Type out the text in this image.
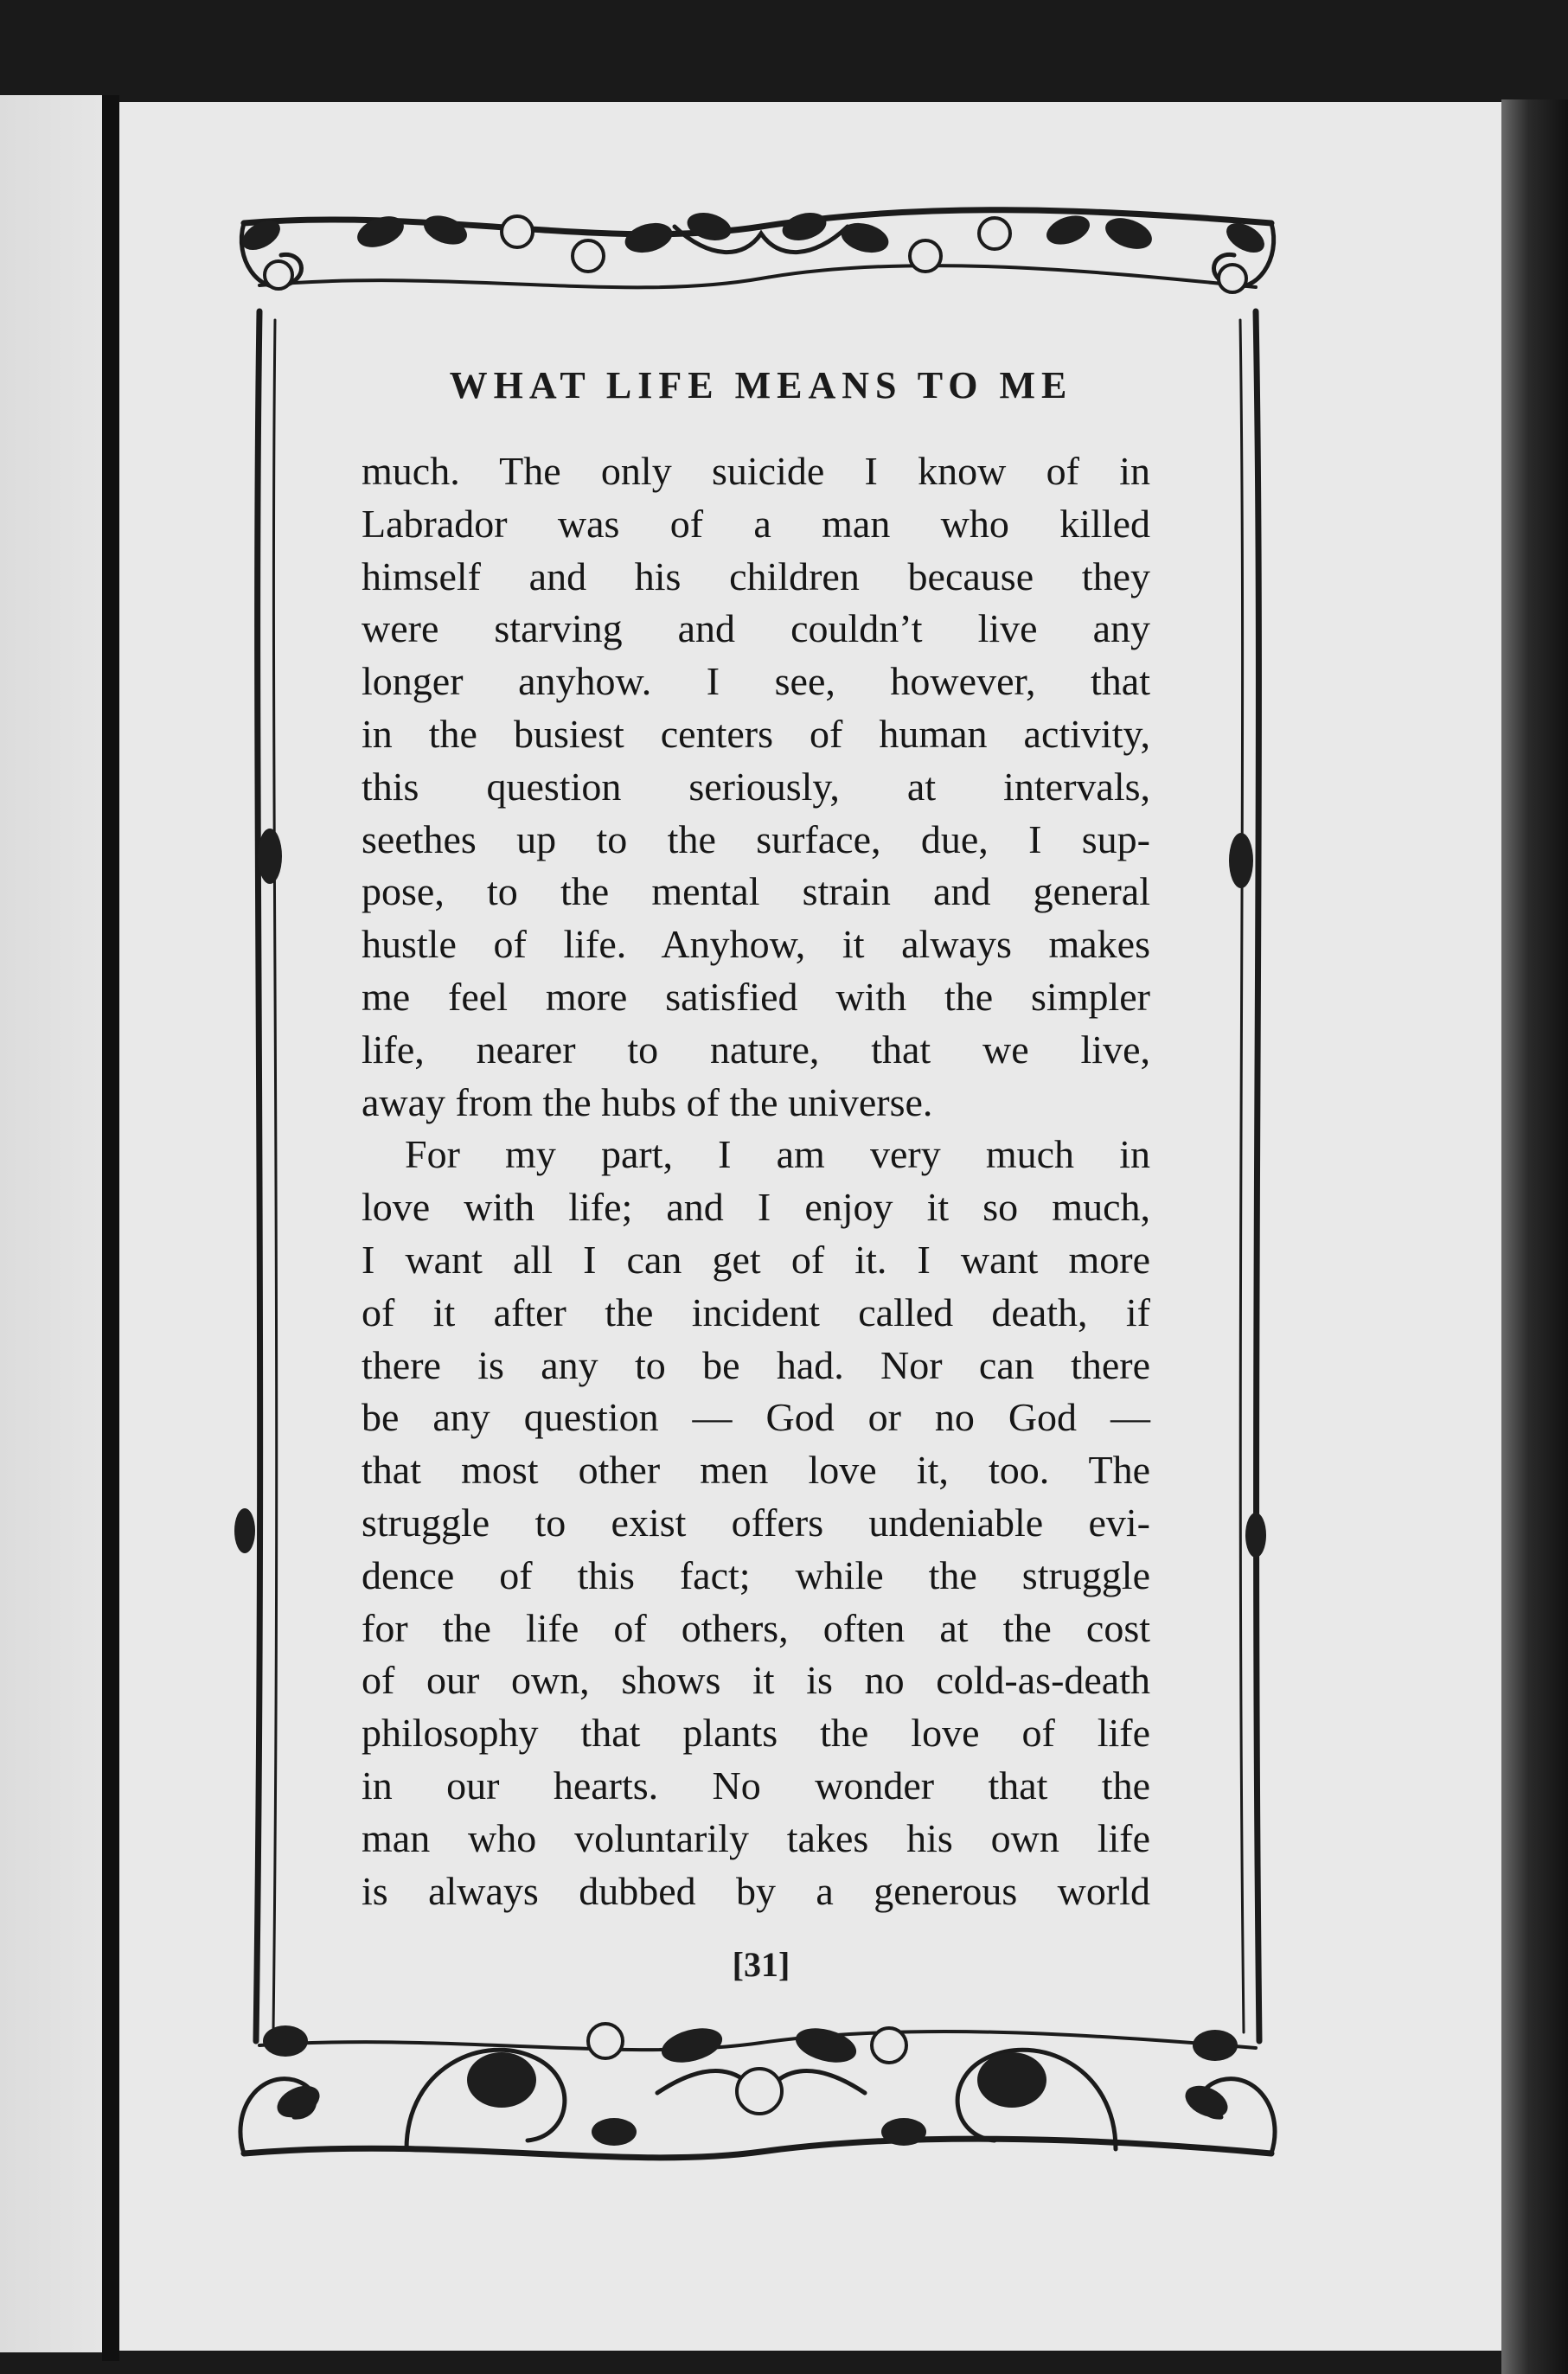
WHAT LIFE MEANS TO ME
much. The only suicide I know of in
Labrador was of a man who killed
himself and his children because they
were starving and couldn’t live any
longer anyhow. I see, however, that
in the busiest centers of human activity,
this question seriously, at intervals,
seethes up to the surface, due, I sup-
pose, to the mental strain and general
hustle of life. Anyhow, it always makes
me feel more satisfied with the simpler
life, nearer to nature, that we live,
away from the hubs of the universe.
For my part, I am very much in
love with life; and I enjoy it so much,
I want all I can get of it. I want more
of it after the incident called death, if
there is any to be had. Nor can there
be any question — God or no God —
that most other men love it, too. The
struggle to exist offers undeniable evi-
dence of this fact; while the struggle
for the life of others, often at the cost
of our own, shows it is no cold-as-death
philosophy that plants the love of life
in our hearts. No wonder that the
man who voluntarily takes his own life
is always dubbed by a generous world
[31]
